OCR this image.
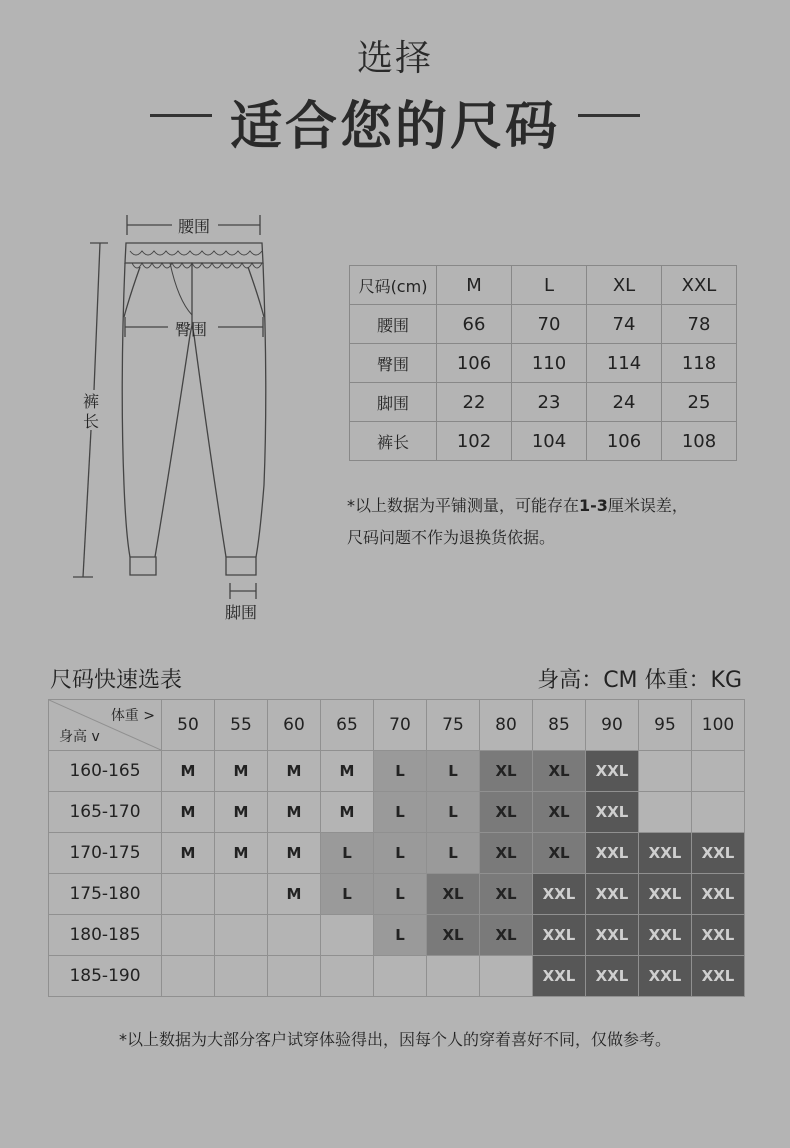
选择
适合您的尺码
腰围
臀围
裤长
脚围
尺码(cm)	M	L	XL	XXL
腰围	66	70	74	78
臀围	106	110	114	118
脚围	22	23	24	25
裤长	102	104	106	108
*以上数据为平铺测量，可能存在1-3厘米误差，
尺码问题不作为退换货依据。
尺码快速选表	身高：CM 体重：KG
体重 >
身高 v	50	55	60	65	70	75	80	85	90	95	100
160-165	M	M	M	M	L	L	XL	XL	XXL		
165-170	M	M	M	M	L	L	XL	XL	XXL		
170-175	M	M	M	L	L	L	XL	XL	XXL	XXL	XXL
175-180			M	L	L	XL	XL	XXL	XXL	XXL	XXL
180-185					L	XL	XL	XXL	XXL	XXL	XXL
185-190								XXL	XXL	XXL	XXL
*以上数据为大部分客户试穿体验得出，因每个人的穿着喜好不同，仅做参考。
